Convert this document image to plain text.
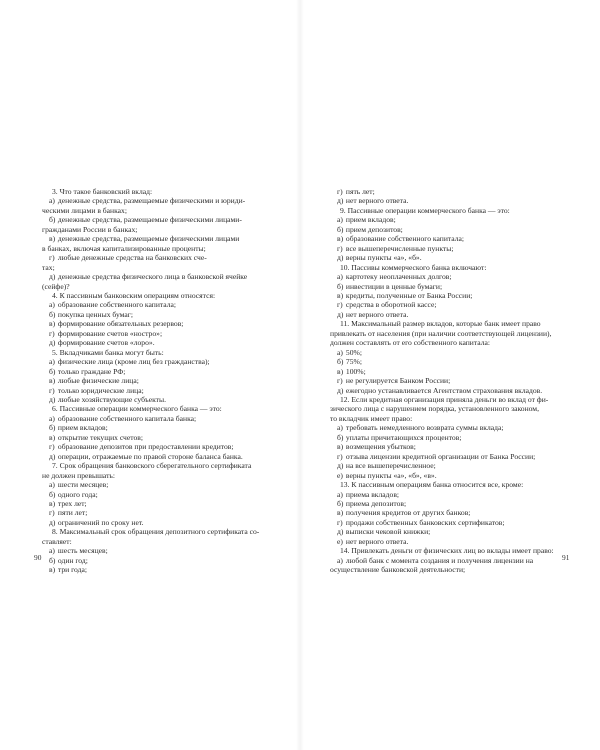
3. Что такое банковский вклад:

а) денежные средства, размещаемые физическими и юриди-

ческими лицами в банках;

б) денежные средства, размещаемые физическими лицами-

гражданами России в банках;

в) денежные средства, размещаемые физическими лицами

в банках, включая капитализированные проценты;

г) любые денежные средства на банковских сче-

тах;

д) денежные средства физического лица в банковской ячейке

(сейфе)?

4. К пассивным банковским операциям относятся:

а) образование собственного капитала;

б) покупка ценных бумаг;

в) формирование обязательных резервов;

г) формирование счетов «ностро»;

д) формирование счетов «лоро».

5. Вкладчиками банка могут быть:

а) физические лица (кроме лиц без гражданства);

б) только граждане РФ;

в) любые физические лица;

г) только юридические лица;

д) любые хозяйствующие субъекты.

6. Пассивные операции коммерческого банка — это:

а) образование собственного капитала банка;

б) прием вкладов;

в) открытие текущих счетов;

г) образование депозитов при предоставлении кредитов;

д) операции, отражаемые по правой стороне баланса банка.

7. Срок обращения банковского сберегательного сертификата

не должен превышать:

а) шести месяцев;

б) одного года;

в) трех лет;

г) пяти лет;

д) ограничений по сроку нет.

8. Максимальный срок обращения депозитного сертификата со-

ставляет:

а) шесть месяцев;

б) один год;

в) три года;

г) пять лет;

д) нет верного ответа.

9. Пассивные операции коммерческого банка — это:

а) прием вкладов;

б) прием депозитов;

в) образование собственного капитала;

г) все вышеперечисленные пункты;

д) верны пункты «а», «б».

10. Пассивы коммерческого банка включают:

а) картотеку неоплаченных долгов;

б) инвестиции в ценные бумаги;

в) кредиты, полученные от Банка России;

г) средства в оборотной кассе;

д) нет верного ответа.

11. Максимальный размер вкладов, которые банк имеет право

привлекать от населения (при наличии соответствующей лицензии),

должен составлять от его собственного капитала:

а) 50%;

б) 75%;

в) 100%;

г) не регулируется Банком России;

д) ежегодно устанавливается Агентством страхования вкладов.

12. Если кредитная организация приняла деньги во вклад от фи-

зического лица с нарушением порядка, установленного законом,

то вкладчик имеет право:

а) требовать немедленного возврата суммы вклада;

б) уплаты причитающихся процентов;

в) возмещения убытков;

г) отзыва лицензии кредитной организации от Банка России;

д) на все вышеперечисленное;

е) верны пункты «а», «б», «в».

13. К пассивным операциям банка относится все, кроме:

а) приема вкладов;

б) приема депозитов;

в) получения кредитов от других банков;

г) продажи собственных банковских сертификатов;

д) выписки чековой книжки;

е) нет верного ответа.

14. Привлекать деньги от физических лиц во вклады имеет право:

а) любой банк с момента создания и получения лицензии на

осуществление банковской деятельности;

90	91
